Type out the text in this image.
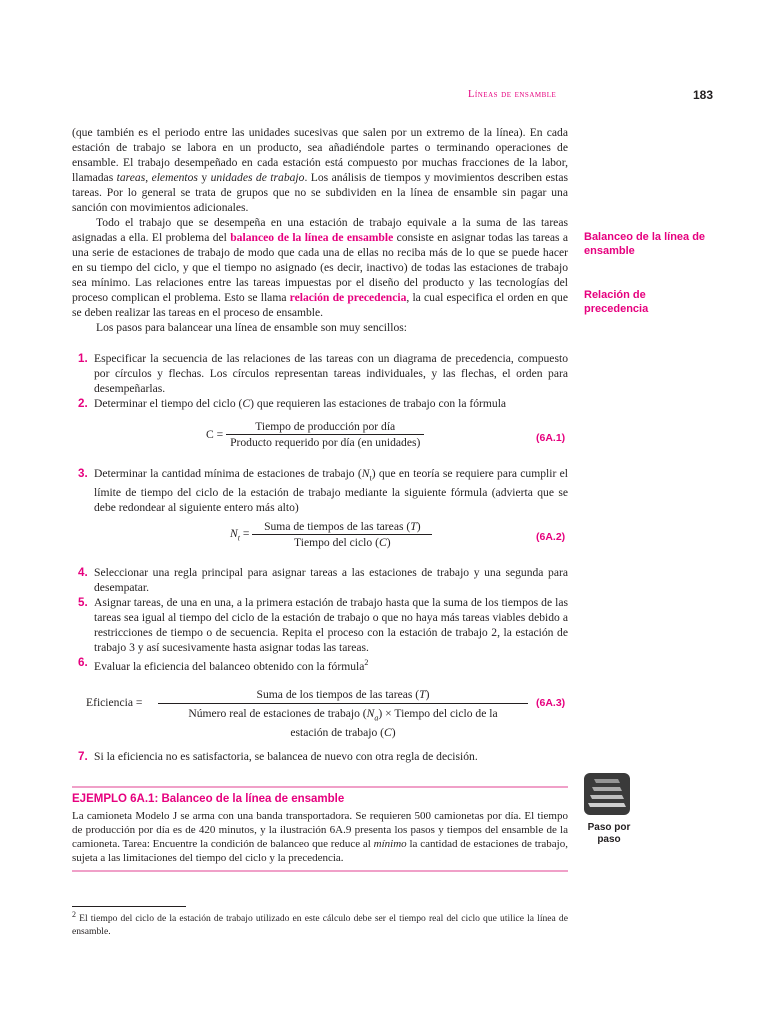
Líneas de ensamble	183

(que también es el periodo entre las unidades sucesivas que salen por un extremo de la línea). En cada estación de trabajo se labora en un producto, sea añadiéndole partes o terminando operaciones de ensamble. El trabajo desempeñado en cada estación está compuesto por muchas fracciones de la labor, llamadas tareas, elementos y unidades de trabajo. Los análisis de tiempos y movimientos describen estas tareas. Por lo general se trata de grupos que no se subdividen en la línea de ensamble sin pagar una sanción con movimientos adicionales.

Todo el trabajo que se desempeña en una estación de trabajo equivale a la suma de las tareas asignadas a ella. El problema del balanceo de la línea de ensamble consiste en asignar todas las tareas a una serie de estaciones de trabajo de modo que cada una de ellas no reciba más de lo que se puede hacer en su tiempo del ciclo, y que el tiempo no asignado (es decir, inactivo) de todas las estaciones de trabajo sea mínimo. Las relaciones entre las tareas impuestas por el diseño del producto y las tecnologías del proceso complican el problema. Esto se llama relación de precedencia, la cual especifica el orden en que se deben realizar las tareas en el proceso de ensamble.

Los pasos para balancear una línea de ensamble son muy sencillos:

Balanceo de la línea de ensamble
Relación de precedencia
1. Especificar la secuencia de las relaciones de las tareas con un diagrama de precedencia, compuesto por círculos y flechas. Los círculos representan tareas individuales, y las flechas, el orden para desempeñarlas.
2. Determinar el tiempo del ciclo (C) que requieren las estaciones de trabajo con la fórmula
$C = \frac{\text{Tiempo de producción por día}}{\text{Producto requerido por día (en unidades)}}$	(6A.1)
3. Determinar la cantidad mínima de estaciones de trabajo $(N_t)$ que en teoría se requiere para cumplir el límite de tiempo del ciclo de la estación de trabajo mediante la siguiente fórmula (advierta que se debe redondear al siguiente entero más alto)
$N_t = \frac{\text{Suma de tiempos de las tareas (T)}}{\text{Tiempo del ciclo (C)}}$	(6A.2)
4. Seleccionar una regla principal para asignar tareas a las estaciones de trabajo y una segunda para desempatar.
5. Asignar tareas, de una en una, a la primera estación de trabajo hasta que la suma de los tiempos de las tareas sea igual al tiempo del ciclo de la estación de trabajo o que no haya más tareas viables debido a restricciones de tiempo o de secuencia. Repita el proceso con la estación de trabajo 2, la estación de trabajo 3 y así sucesivamente hasta asignar todas las tareas.
6. Evaluar la eficiencia del balanceo obtenido con la fórmula$^2$
Eficiencia =
Suma de los tiempos de las tareas (T)
Número real de estaciones de trabajo $(N_a)$ × Tiempo del ciclo de la
estación de trabajo (C)
(6A.3)
7. Si la eficiencia no es satisfactoria, se balancea de nuevo con otra regla de decisión.
EJEMPLO 6A.1: Balanceo de la línea de ensamble
La camioneta Modelo J se arma con una banda transportadora. Se requieren 500 camionetas por día. El tiempo de producción por día es de 420 minutos, y la ilustración 6A.9 presenta los pasos y tiempos del ensamble de la camioneta. Tarea: Encuentre la condición de balanceo que reduce al mínimo la cantidad de estaciones de trabajo, sujeta a las limitaciones del tiempo del ciclo y la precedencia.
Paso por paso
$^2$ El tiempo del ciclo de la estación de trabajo utilizado en este cálculo debe ser el tiempo real del ciclo que utilice la línea de ensamble.
